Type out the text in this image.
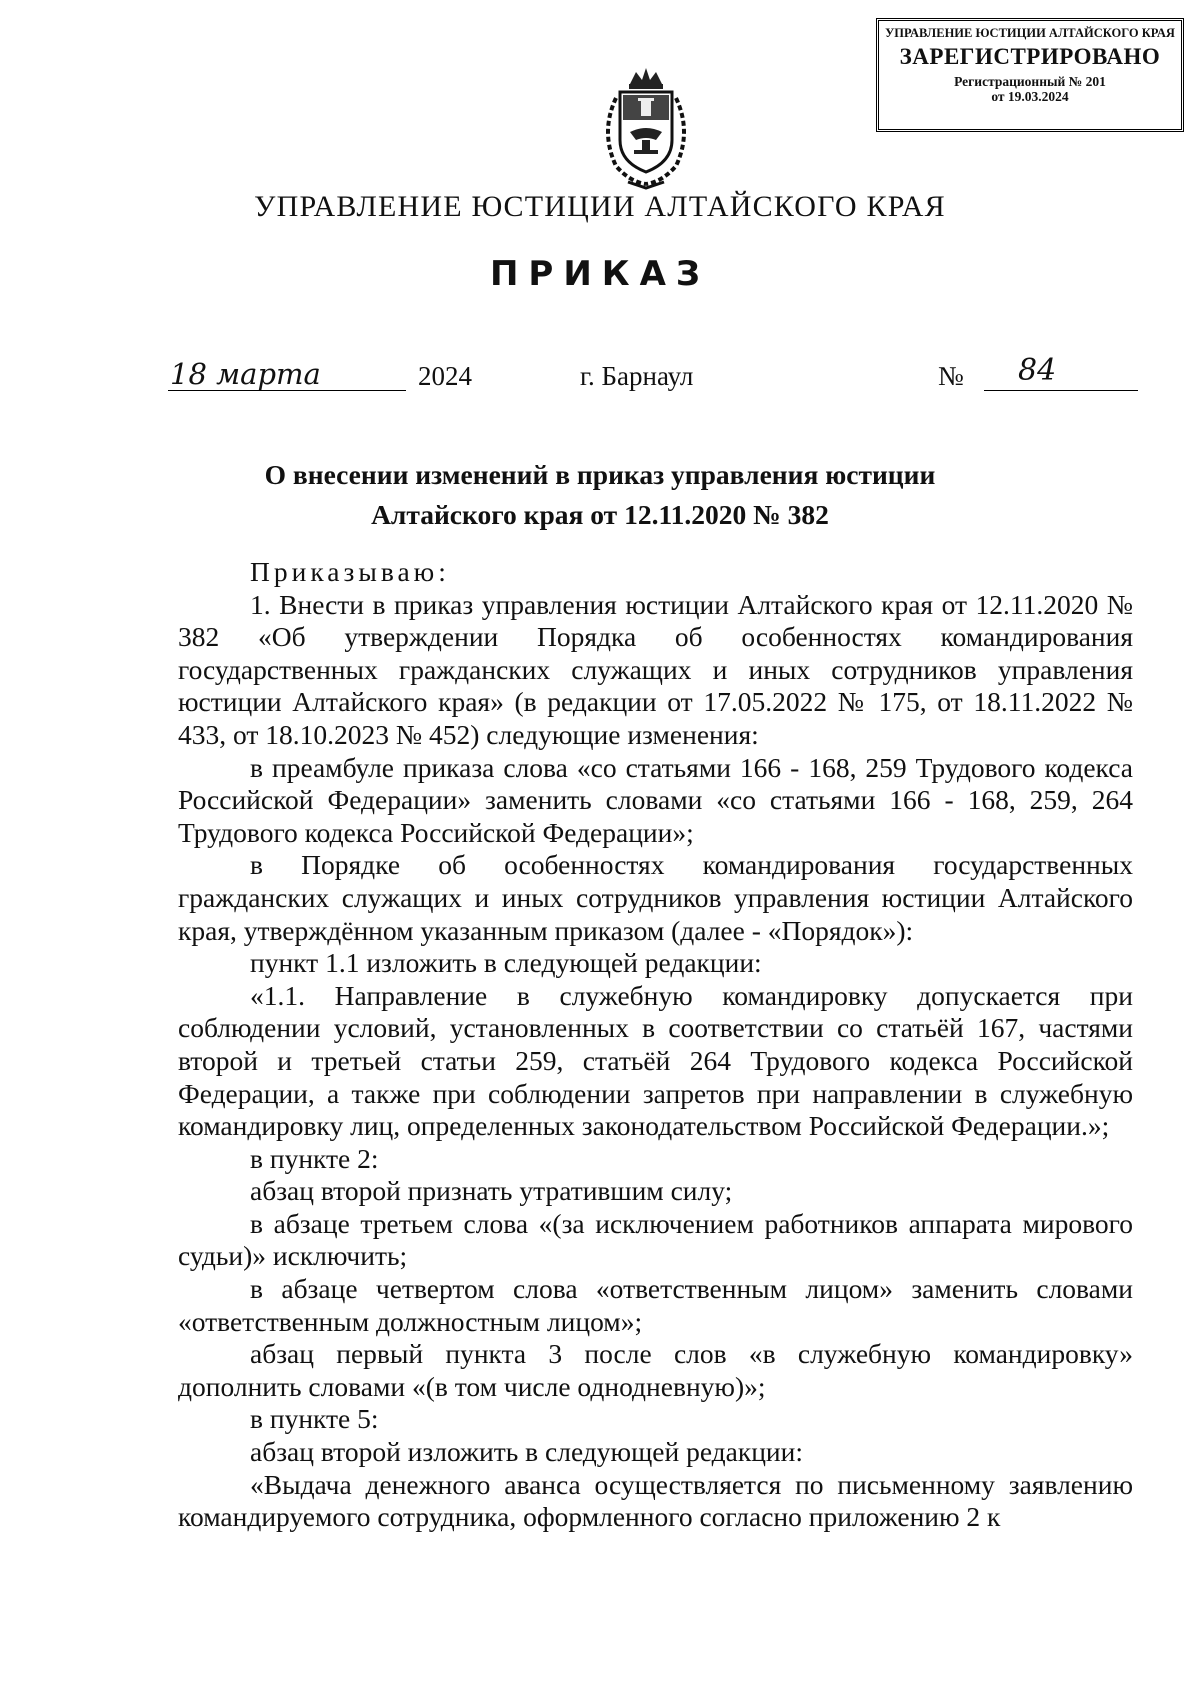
УПРАВЛЕНИЕ ЮСТИЦИИ АЛТАЙСКОГО КРАЯ
ЗАРЕГИСТРИРОВАНО
Регистрационный № 201
от 19.03.2024
УПРАВЛЕНИЕ ЮСТИЦИИ АЛТАЙСКОГО КРАЯ
ПРИКАЗ
18 марта	2024	г. Барнаул	№ 84
О внесении изменений в приказ управления юстиции Алтайского края от 12.11.2020 № 382

Приказываю:

1. Внести в приказ управления юстиции Алтайского края от 12.11.2020 № 382 «Об утверждении Порядка об особенностях командирования государственных гражданских служащих и иных сотрудников управления юстиции Алтайского края» (в редакции от 17.05.2022 № 175, от 18.11.2022 № 433, от 18.10.2023 № 452) следующие изменения:

в преамбуле приказа слова «со статьями 166 - 168, 259 Трудового кодекса Российской Федерации» заменить словами «со статьями 166 - 168, 259, 264 Трудового кодекса Российской Федерации»;

в Порядке об особенностях командирования государственных гражданских служащих и иных сотрудников управления юстиции Алтайского края, утверждённом указанным приказом (далее - «Порядок»):

пункт 1.1 изложить в следующей редакции:

«1.1. Направление в служебную командировку допускается при соблюдении условий, установленных в соответствии со статьёй 167, частями второй и третьей статьи 259, статьёй 264 Трудового кодекса Российской Федерации, а также при соблюдении запретов при направлении в служебную командировку лиц, определенных законодательством Российской Федерации.»;

в пункте 2:

абзац второй признать утратившим силу;

в абзаце третьем слова «(за исключением работников аппарата мирового судьи)» исключить;

в абзаце четвертом слова «ответственным лицом» заменить словами «ответственным должностным лицом»;

абзац первый пункта 3 после слов «в служебную командировку» дополнить словами «(в том числе однодневную)»;

в пункте 5:

абзац второй изложить в следующей редакции:

«Выдача денежного аванса осуществляется по письменному заявлению командируемого сотрудника, оформленного согласно приложению 2 к
